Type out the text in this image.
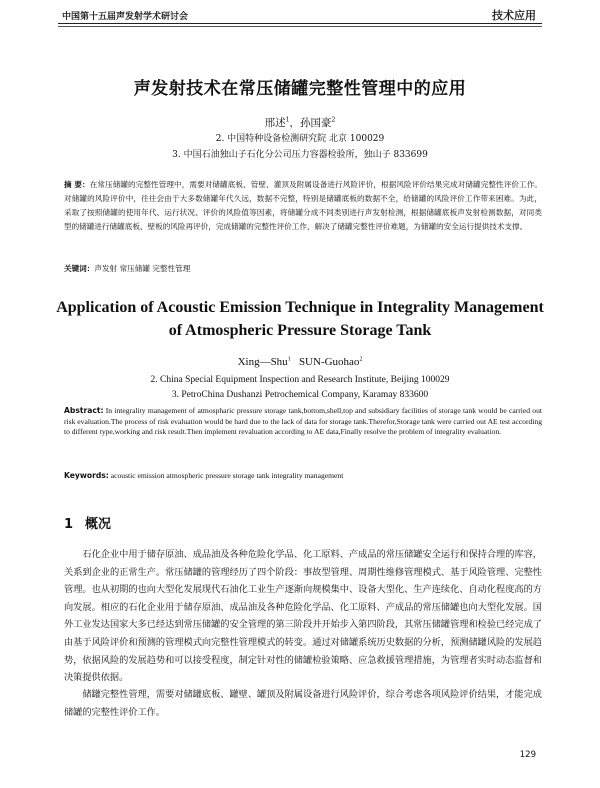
中国第十五届声发射学术研讨会	技术应用
声发射技术在常压储罐完整性管理中的应用
邢述$^1$，孙国豪$^2$
2. 中国特种设备检测研究院 北京 100029
3. 中国石油独山子石化分公司压力容器检验所，独山子 833699
摘 要：在常压储罐的完整性管理中，需要对储罐底板、管壁、灌顶及附属设备进行风险评价，根据风险评价结果完成对储罐完整性评价工作。对储罐的风险评价中，往往会由于大多数储罐年代久远，数据不完整，特别是储罐底板的数据不全，给储罐的风险评价工作带来困难。为此，采取了按照储罐的使用年代、运行状况、评价的风险值等因素，将储罐分成不同类别进行声发射检测，根据储罐底板声发射检测数据，对同类型的储罐进行储罐底板、壁板的风险再评价，完成储罐的完整性评价工作，解决了储罐完整性评价难题，为储罐的安全运行提供技术支撑。
关键词：声发射 常压储罐 完整性管理
Application of Acoustic Emission Technique in Integrality Management
of Atmospheric Pressure Storage Tank
Xing—Shu$^1$ SUN-Guohao$^2$
2. China Special Equipment Inspection and Research Institute, Beijing 100029
3. PetroChina Dushanzi Petrochemical Company, Karamay 833600
Abstract: In integrality management of atmospharic pressure storage tank,bottom,shell,top and subsidiary facilities of storage tank would be carried out risk evaluation.The process of risk evaluation would be hard due to the lack of data for storage tank.Therefor,Storage tank were carried out AE test according to different type,working and risk result.Then implement revaluation according to AE data,Finally resolve the problem of integrality evaluation.
Keywords: acoustic emission atmospheric pressure storage tank integrality management
1 概况
石化企业中用于储存原油、成品油及各种危险化学品、化工原料、产成品的常压储罐安全运行和保持合理的库容，关系到企业的正常生产。常压储罐的管理经历了四个阶段：事故型管理、周期性维修管理模式、基于风险管理、完整性管理。也从初期的也向大型化发展现代石油化工业生产逐渐向规模集中、设备大型化、生产连续化、自动化程度高的方向发展。相应的石化企业用于储存原油、成品油及各种危险化学品、化工原料、产成品的常压储罐也向大型化发展。国外工业发达国家大多已经达到常压储罐的安全管理的第三阶段并开始步入第四阶段，其常压储罐管理和检验已经完成了由基于风险评价和预测的管理模式向完整性管理模式的转变。通过对储罐系统历史数据的分析，预测储罐风险的发展趋势，依据风险的发展趋势和可以接受程度，制定针对性的储罐检验策略、应急救援管理措施，为管理者实时动态监督和决策提供依据。
储罐完整性管理，需要对储罐底板、罐壁、罐顶及附属设备进行风险评价，综合考虑各项风险评价结果，才能完成储罐的完整性评价工作。
129
